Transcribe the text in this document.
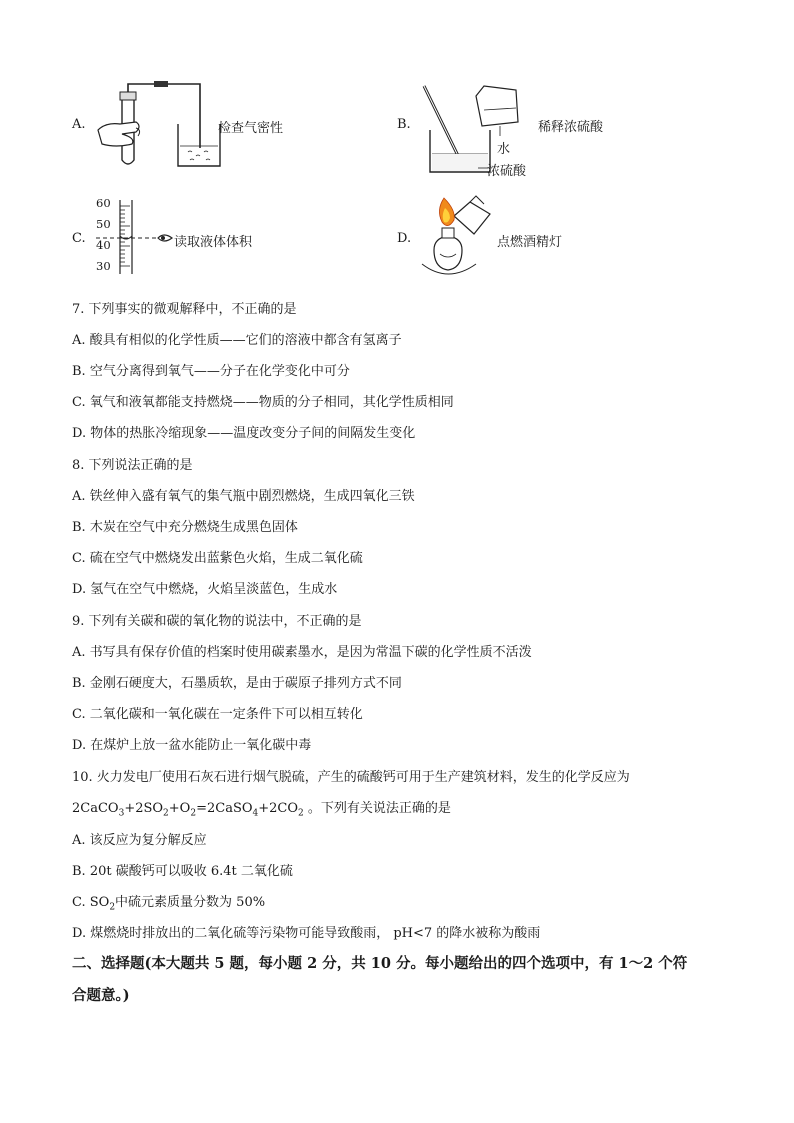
A.	检查气密性	B.	稀释浓硫酸
水
浓硫酸
C.
60
50
40
30
读取液体体积	D.	点燃酒精灯
7. 下列事实的微观解释中，不正确的是
A. 酸具有相似的化学性质——它们的溶液中都含有氢离子
B. 空气分离得到氧气——分子在化学变化中可分
C. 氧气和液氧都能支持燃烧——物质的分子相同，其化学性质相同
D. 物体的热胀冷缩现象——温度改变分子间的间隔发生变化
8. 下列说法正确的是
A. 铁丝伸入盛有氧气的集气瓶中剧烈燃烧，生成四氧化三铁
B. 木炭在空气中充分燃烧生成黑色固体
C. 硫在空气中燃烧发出蓝紫色火焰，生成二氧化硫
D. 氢气在空气中燃烧，火焰呈淡蓝色，生成水
9. 下列有关碳和碳的氧化物的说法中，不正确的是
A. 书写具有保存价值的档案时使用碳素墨水，是因为常温下碳的化学性质不活泼
B. 金刚石硬度大，石墨质软，是由于碳原子排列方式不同
C. 二氧化碳和一氧化碳在一定条件下可以相互转化
D. 在煤炉上放一盆水能防止一氧化碳中毒
10. 火力发电厂使用石灰石进行烟气脱硫，产生的硫酸钙可用于生产建筑材料，发生的化学反应为
$2CaCO_3+2SO_2+O_2=2CaSO_4+2CO_2$ 。下列有关说法正确的是
A. 该反应为复分解反应
B. 20t 碳酸钙可以吸收 6.4t 二氧化硫
C. $SO_2$中硫元素质量分数为 50%
D. 煤燃烧时排放出的二氧化硫等污染物可能导致酸雨， pH<7 的降水被称为酸雨
二、选择题(本大题共 5 题，每小题 2 分，共 10 分。每小题给出的四个选项中，有 1～2 个符
合题意。)
